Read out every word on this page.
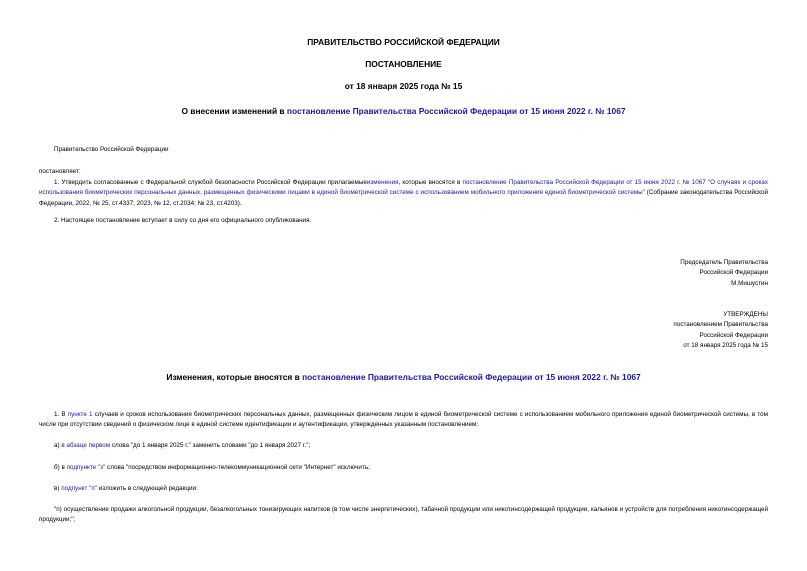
ПРАВИТЕЛЬСТВО РОССИЙСКОЙ ФЕДЕРАЦИИ
ПОСТАНОВЛЕНИЕ
от 18 января 2025 года № 15
О внесении изменений в постановление Правительства Российской Федерации от 15 июня 2022 г. № 1067
Правительство Российской Федерации
постановляет:
1. Утвердить согласованные с Федеральной службой безопасности Российской Федерации прилагаемыеизменения, которые вносятся в постановление Правительства Российской Федерации от 15 июня 2022 г. № 1067 "О случаях и сроках использования биометрических персональных данных, размещенных физическими лицами в единой биометрической системе с использованием мобильного приложения единой биометрической системы" (Собрание законодательства Российской Федерации, 2022, № 25, ст.4337; 2023, № 12, ст.2034; № 23, ст.4203).
2. Настоящее постановление вступает в силу со дня его официального опубликования.
Председатель Правительства
Российской Федерации
М.Мишустин
УТВЕРЖДЕНЫ
постановлением Правительства
Российской Федерации
от 18 января 2025 года № 15
Изменения, которые вносятся в постановление Правительства Российской Федерации от 15 июня 2022 г. № 1067
1. В пункте 1 случаев и сроков использования биометрических персональных данных, размещенных физическим лицом в единой биометрической системе с использованием мобильного приложения единой биометрической системы, в том числе при отсутствии сведений о физическом лице в единой системе идентификации и аутентификации, утвержденных указанным постановлением:
а) в абзаце первом слова "до 1 января 2025 г." заменить словами "до 1 января 2027 г.";
б) в подпункте "з" слова "посредством информационно-телекоммуникационной сети "Интернет" исключить;
в) подпункт "п" изложить в следующей редакции:
"п) осуществление продажи алкогольной продукции, безалкогольных тонизирующих напитков (в том числе энергетических), табачной продукции или никотинсодержащей продукции, кальянов и устройств для потребления никотинсодержащей продукции;";
